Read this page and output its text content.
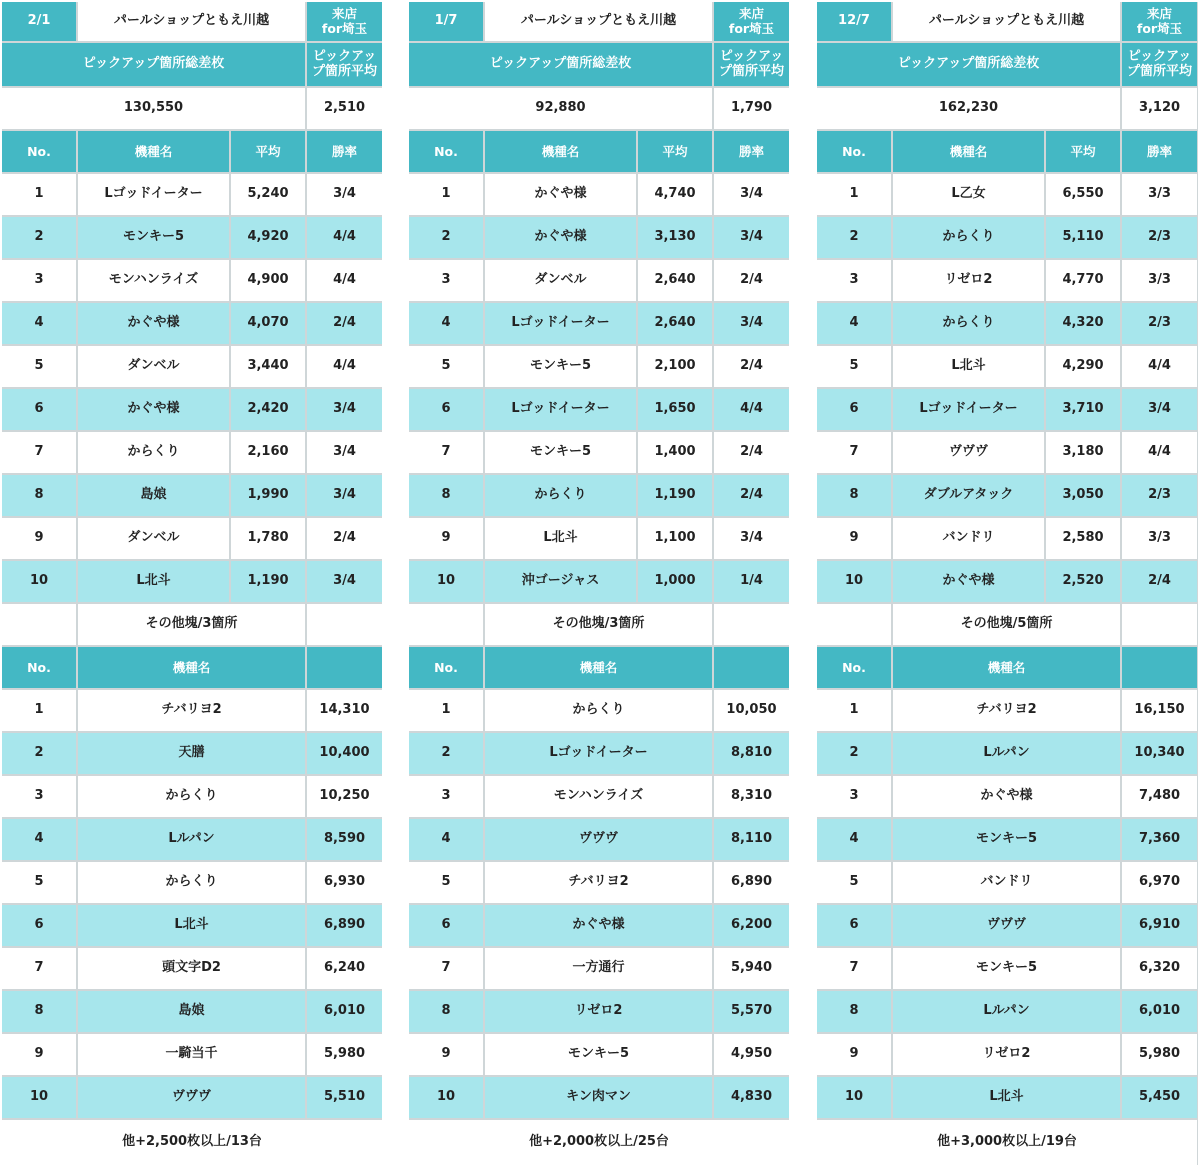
2/1	パールショップともえ川越	来店
for埼玉
ピックアップ箇所総差枚	ピックアップ箇所平均
130,550	2,510
No.	機種名	平均	勝率
1	Lゴッドイーター	5,240	3/4
2	モンキー5	4,920	4/4
3	モンハンライズ	4,900	4/4
4	かぐや様	4,070	2/4
5	ダンベル	3,440	4/4
6	かぐや様	2,420	3/4
7	からくり	2,160	3/4
8	島娘	1,990	3/4
9	ダンベル	1,780	2/4
10	L北斗	1,190	3/4
その他塊/3箇所
No.	機種名
1	チバリヨ2	14,310
2	天膳	10,400
3	からくり	10,250
4	Lルパン	8,590
5	からくり	6,930
6	L北斗	6,890
7	頭文字D2	6,240
8	島娘	6,010
9	一騎当千	5,980
10	ヴヴヴ	5,510
他+2,500枚以上/13台
1/7	パールショップともえ川越	来店
for埼玉
ピックアップ箇所総差枚	ピックアップ箇所平均
92,880	1,790
No.	機種名	平均	勝率
1	かぐや様	4,740	3/4
2	かぐや様	3,130	3/4
3	ダンベル	2,640	2/4
4	Lゴッドイーター	2,640	3/4
5	モンキー5	2,100	2/4
6	Lゴッドイーター	1,650	4/4
7	モンキー5	1,400	2/4
8	からくり	1,190	2/4
9	L北斗	1,100	3/4
10	沖ゴージャス	1,000	1/4
その他塊/3箇所
No.	機種名
1	からくり	10,050
2	Lゴッドイーター	8,810
3	モンハンライズ	8,310
4	ヴヴヴ	8,110
5	チバリヨ2	6,890
6	かぐや様	6,200
7	一方通行	5,940
8	リゼロ2	5,570
9	モンキー5	4,950
10	キン肉マン	4,830
他+2,000枚以上/25台
12/7	パールショップともえ川越	来店
for埼玉
ピックアップ箇所総差枚	ピックアップ箇所平均
162,230	3,120
No.	機種名	平均	勝率
1	L乙女	6,550	3/3
2	からくり	5,110	2/3
3	リゼロ2	4,770	3/3
4	からくり	4,320	2/3
5	L北斗	4,290	4/4
6	Lゴッドイーター	3,710	3/4
7	ヴヴヴ	3,180	4/4
8	ダブルアタック	3,050	2/3
9	バンドリ	2,580	3/3
10	かぐや様	2,520	2/4
その他塊/5箇所
No.	機種名
1	チバリヨ2	16,150
2	Lルパン	10,340
3	かぐや様	7,480
4	モンキー5	7,360
5	バンドリ	6,970
6	ヴヴヴ	6,910
7	モンキー5	6,320
8	Lルパン	6,010
9	リゼロ2	5,980
10	L北斗	5,450
他+3,000枚以上/19台
